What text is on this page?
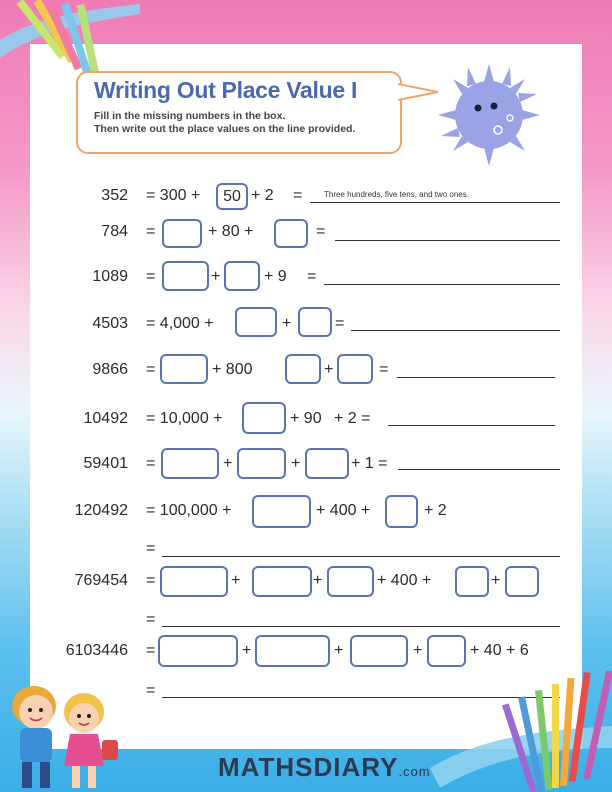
Writing Out Place Value I
Fill in the missing numbers in the box.
Then write out the place values on the line provided.
352 = 300 +	50 + 2 =	Three hundreds, five tens, and two ones.
784 =	+ 80 +	=
1089 =	+	+ 9 =
4503 = 4,000 +	+	=
9866 =	+ 800	+	=
10492 = 10,000 +	+ 90 + 2 =
59401 =	+	+	+ 1 =
120492 = 100,000 +	+ 400 +	+ 2
=
769454 =	+	+	+ 400 +	+
=
6103446 =	+	+	+	+ 40 + 6
=
MATHSDIARY.com
